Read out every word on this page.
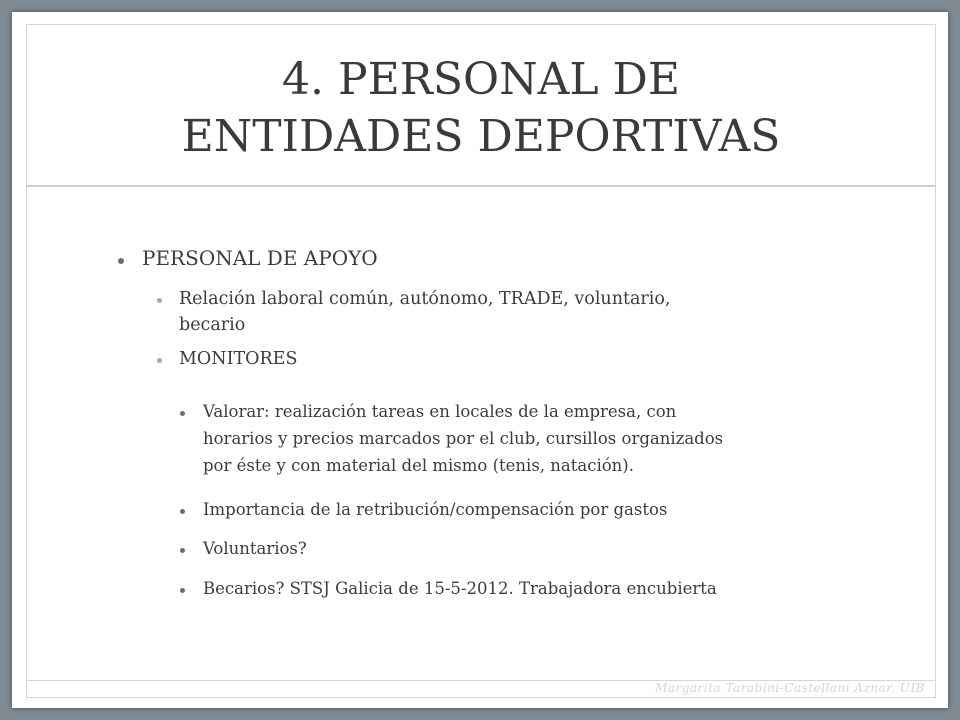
4. PERSONAL DE
ENTIDADES DEPORTIVAS
PERSONAL DE APOYO
Relación laboral común, autónomo, TRADE, voluntario,
becario
MONITORES
Valorar: realización tareas en locales de la empresa, con
horarios y precios marcados por el club, cursillos organizados
por éste y con material del mismo (tenis, natación).
Importancia de la retribución/compensación por gastos
Voluntarios?
Becarios? STSJ Galicia de 15-5-2012. Trabajadora encubierta
Margarita Tarabini-Castellani Aznar. UIB
